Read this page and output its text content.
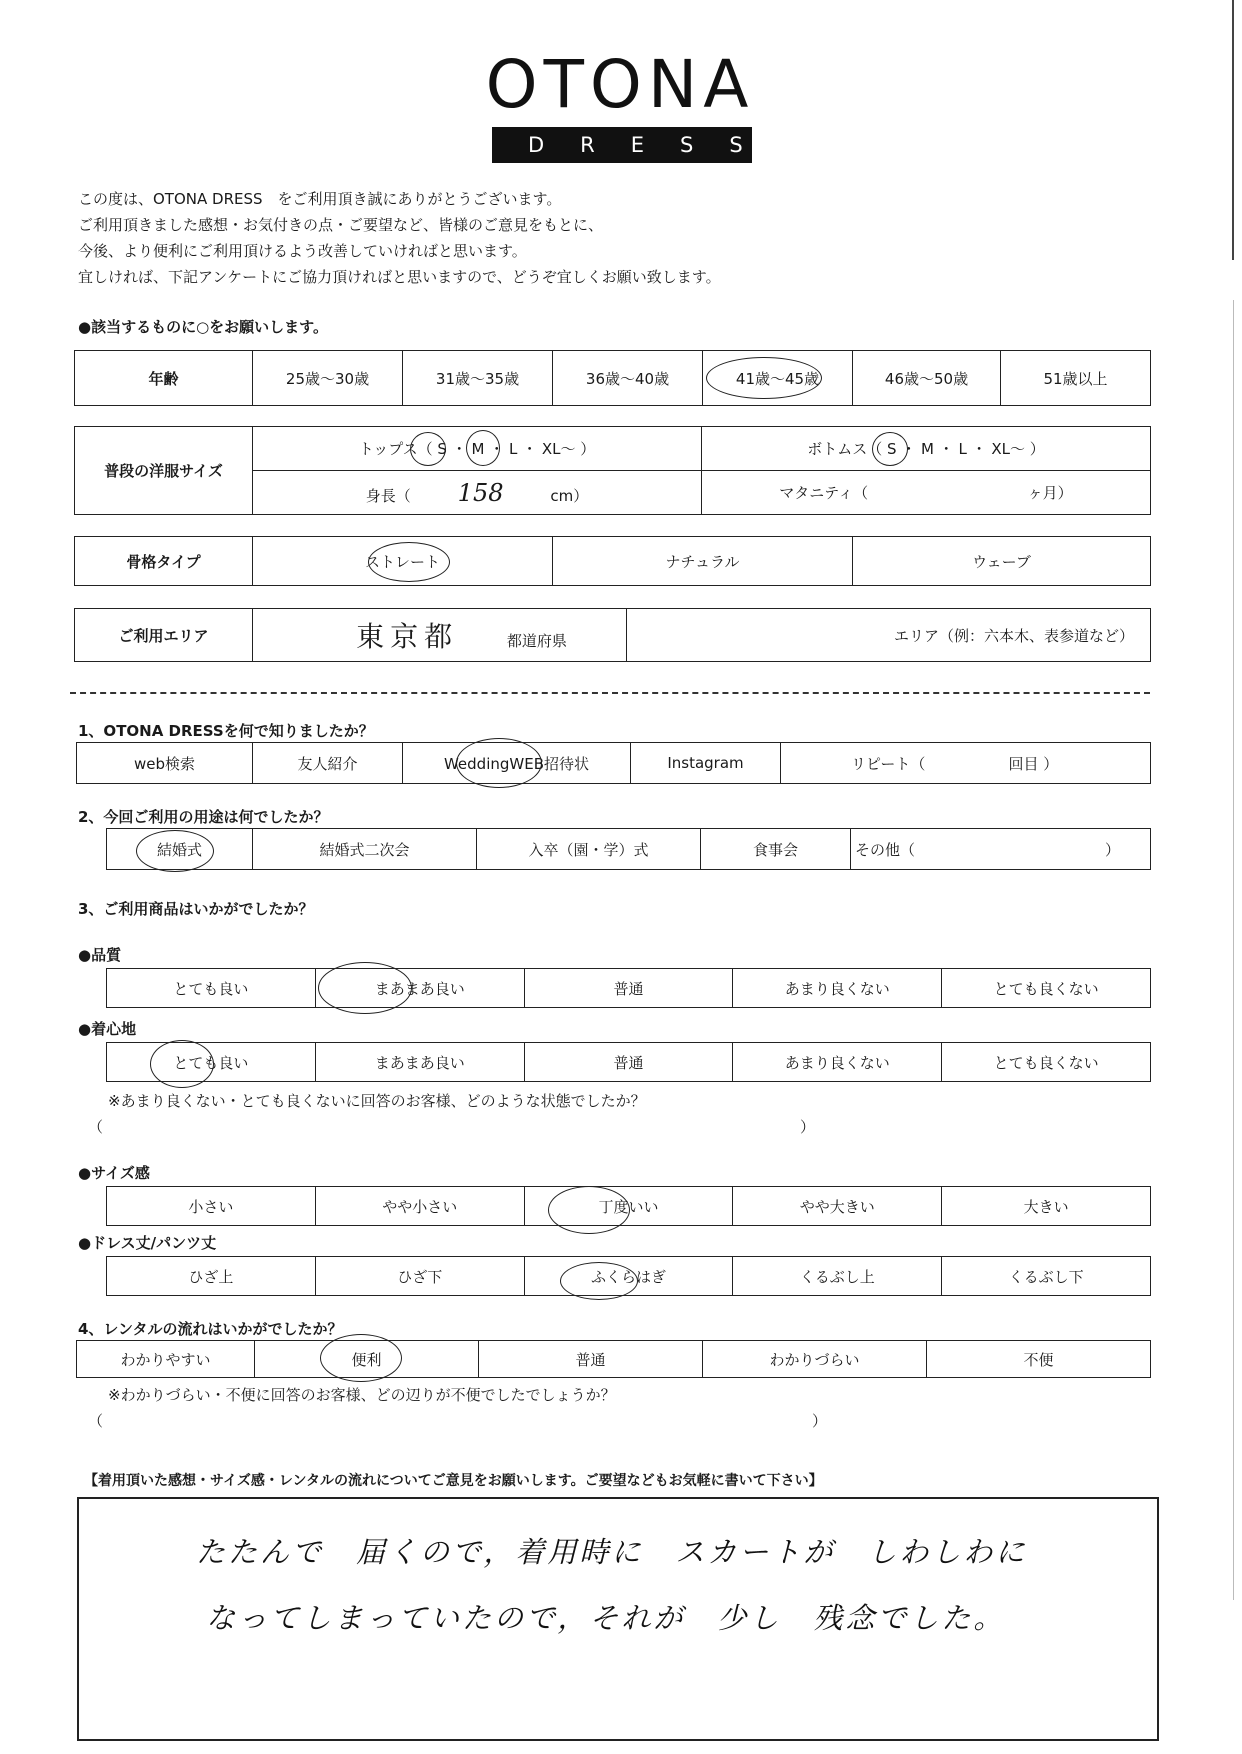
OTONA
DRESS
この度は、OTONA DRESS　をご利用頂き誠にありがとうございます。
ご利用頂きました感想・お気付きの点・ご要望など、皆様のご意見をもとに、
今後、より便利にご利用頂けるよう改善していければと思います。
宜しければ、下記アンケートにご協力頂ければと思いますので、どうぞ宜しくお願い致します。
●該当するものに○をお願いします。
年齢	25歳〜30歳	31歳〜35歳	36歳〜40歳	41歳〜45歳	46歳〜50歳	51歳以上
普段の洋服サイズ	トップス（ S ・ M ・ L ・ XL〜 ）	ボトムス（ S ・ M ・ L ・ XL〜 ）
	身長（ 158 cm）	マタニティ（ ヶ月）
骨格タイプ	ストレート	ナチュラル	ウェーブ
ご利用エリア	東京都	都道府県	エリア（例：六本木、表参道など）
1、OTONA DRESSを何で知りましたか？
web検索	友人紹介	WeddingWEB招待状	Instagram	リピート（	回目 ）
2、今回ご利用の用途は何でしたか？
結婚式	結婚式二次会	入卒（園・学）式	食事会	その他（	）
3、ご利用商品はいかがでしたか？
●品質
とても良い	まあまあ良い	普通	あまり良くない	とても良くない
●着心地
とても良い	まあまあ良い	普通	あまり良くない	とても良くない
※あまり良くない・とても良くないに回答のお客様、どのような状態でしたか？
（	）
●サイズ感
小さい	やや小さい	丁度いい	やや大きい	大きい
●ドレス丈/パンツ丈
ひざ上	ひざ下	ふくらはぎ	くるぶし上	くるぶし下
4、レンタルの流れはいかがでしたか？
わかりやすい	便利	普通	わかりづらい	不便
※わかりづらい・不便に回答のお客様、どの辺りが不便でしたでしょうか？
（	）
【着用頂いた感想・サイズ感・レンタルの流れについてご意見をお願いします。ご要望などもお気軽に書いて下さい】
たたんで　届くので，着用時に　スカートが　しわしわに
なってしまっていたので，それが　少し　残念でした。
